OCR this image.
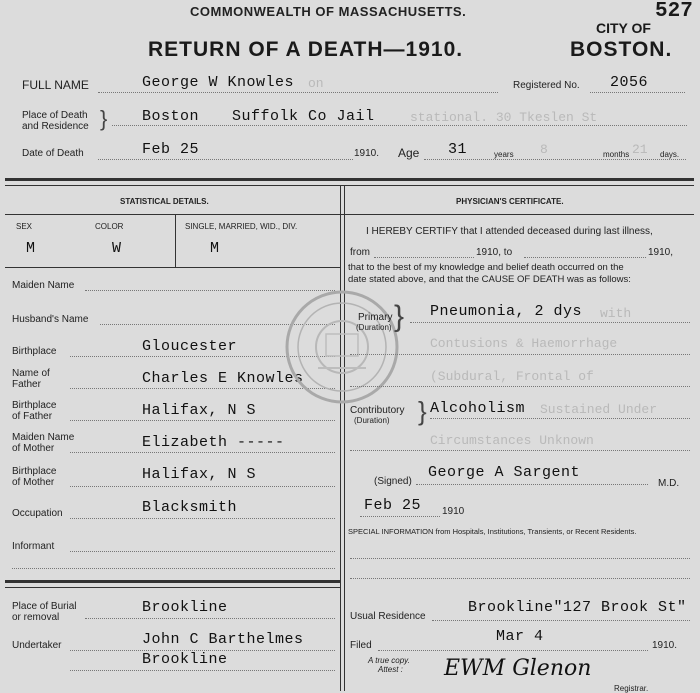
COMMONWEALTH OF MASSACHUSETTS.
RETURN OF A DEATH—1910.
CITY OF
BOSTON.
527
FULL NAME	George W Knowles on	Registered No. 2056
Place of Death
and Residence } Boston Suffolk Co Jail	stational. 30 Tkeslen St
Date of Death	Feb 25	1910. Age 31	years 8	months 21 days.
STATISTICAL DETAILS.
SEX
M
COLOR
W
SINGLE, MARRIED, WID., DIV.
M
Maiden Name
Husband's Name
Birthplace	Gloucester
Name of
Father	Charles E Knowles
Birthplace
of Father	Halifax, N S
Maiden Name
of Mother	Elizabeth -----
Birthplace
of Mother	Halifax, N S
Occupation	Blacksmith
Informant
PHYSICIAN'S CERTIFICATE.
I HEREBY CERTIFY that I attended deceased during last illness,
from	1910, to	1910,
that to the best of my knowledge and belief death occurred on the
date stated above, and that the CAUSE OF DEATH was as follows:
Primary
(Duration) } Pneumonia, 2 dys with
Contusions & Haemorrhage
(Subdural, Frontal of
Contributory
(Duration) } Alcoholism Sustained Under
Circumstances Unknown
(Signed)
George A Sargent
M.D.
Feb 25 1910
SPECIAL INFORMATION from Hospitals, Institutions, Transients, or Recent Residents.
Place of Burial
or removal
Brookline
Undertaker	John C Barthelmes
Brookline
Usual Residence
Brookline"127 Brook St"
Filed
Mar 4
1910.
A true copy.
Attest :	EWM Glenon
Registrar.
